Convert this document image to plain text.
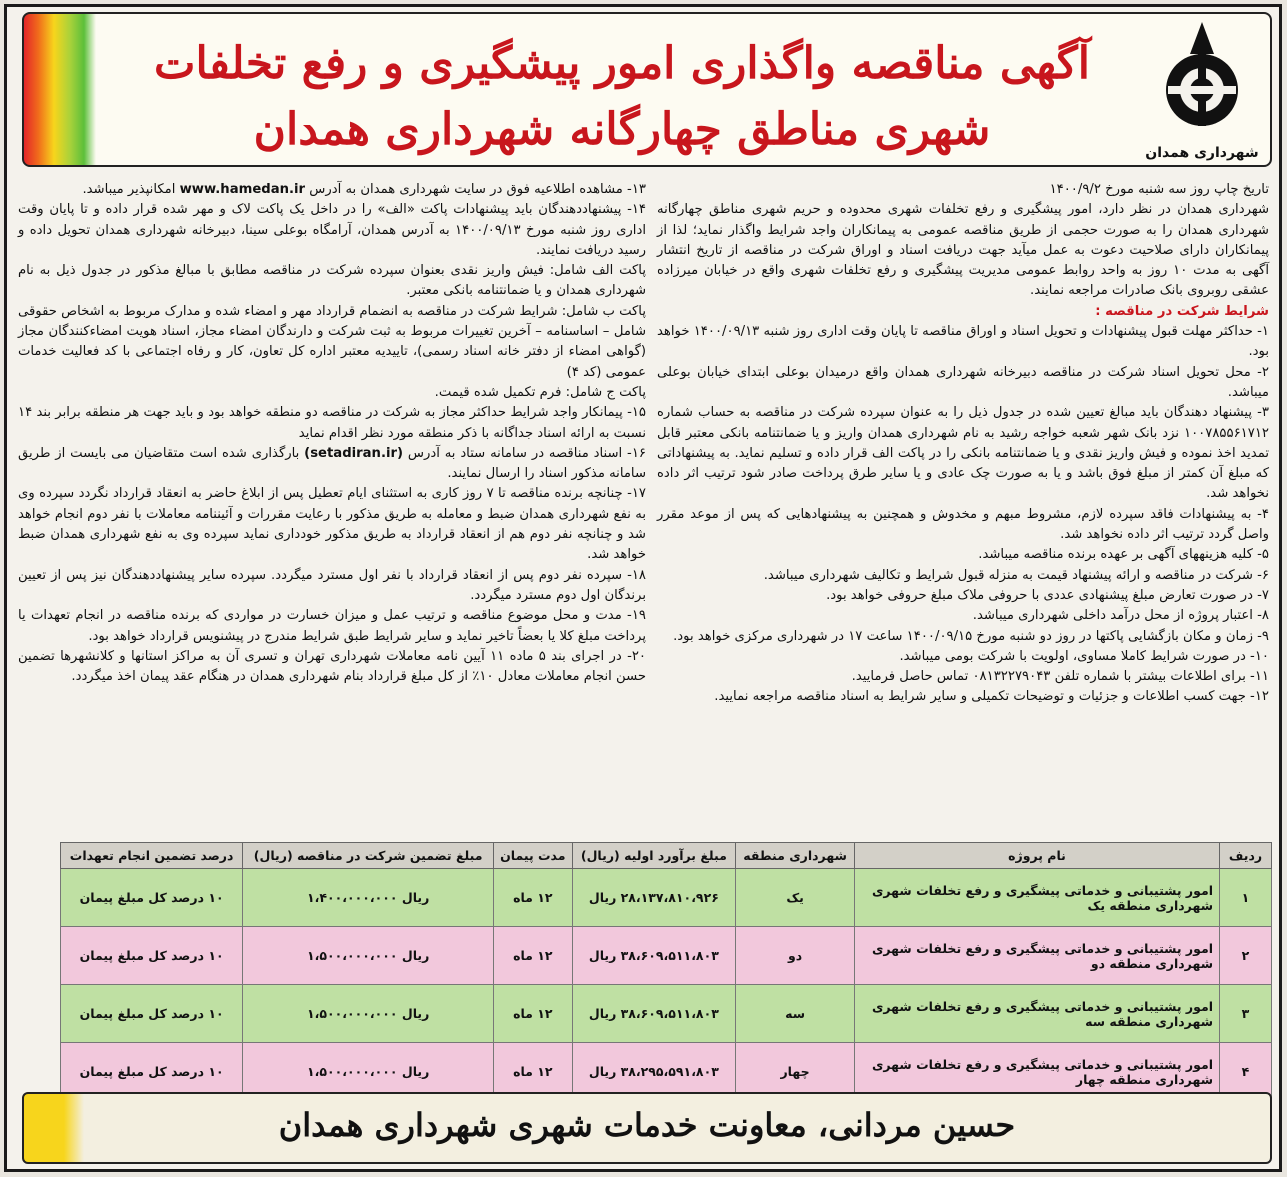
شهرداری همدان
آگهی مناقصه واگذاری امور پیشگیری و رفع تخلفات
شهری مناطق چهارگانه شهرداری همدان

تاریخ چاپ روز سه شنبه مورخ ۱۴۰۰/۹/۲

شهرداری همدان در نظر دارد، امور پیشگیری و رفع تخلفات شهری محدوده و حریم شهری مناطق چهارگانه شهرداری همدان را به صورت حجمی از طریق مناقصه عمومی به پیمانکاران واجد شرایط واگذار نماید؛ لذا از پیمانکاران دارای صلاحیت دعوت به عمل میآید جهت دریافت اسناد و اوراق شرکت در مناقصه از تاریخ انتشار آگهی به مدت ۱۰ روز به واحد روابط عمومی مدیریت پیشگیری و رفع تخلفات شهری واقع در خیابان میرزاده عشقی روبروی بانک صادرات مراجعه نمایند.

شرایط شرکت در مناقصه :

۱- حداکثر مهلت قبول پیشنهادات و تحویل اسناد و اوراق مناقصه تا پایان وقت اداری روز شنبه ۱۴۰۰/۰۹/۱۳ خواهد بود.

۲- محل تحویل اسناد شرکت در مناقصه دبیرخانه شهرداری همدان واقع درمیدان بوعلی ابتدای خیابان بوعلی میباشد.

۳- پیشنهاد دهندگان باید مبالغ تعیین شده در جدول ذیل را به عنوان سپرده شرکت در مناقصه به حساب شماره ۱۰۰۷۸۵۵۶۱۷۱۲ نزد بانک شهر شعبه خواجه رشید به نام شهرداری همدان واریز و یا ضمانتنامه بانکی معتبر قابل تمدید اخذ نموده و فیش واریز نقدی و یا ضمانتنامه بانکی را در پاکت الف قرار داده و تسلیم نماید. به پیشنهاداتی که مبلغ آن کمتر از مبلغ فوق باشد و یا به صورت چک عادی و یا سایر طرق پرداخت صادر شود ترتیب اثر داده نخواهد شد.

۴- به پیشنهادات فاقد سپرده لازم، مشروط مبهم و مخدوش و همچنین به پیشنهادهایی که پس از موعد مقرر واصل گردد ترتیب اثر داده نخواهد شد.

۵- کلیه هزینههای آگهی بر عهده برنده مناقصه میباشد.

۶- شرکت در مناقصه و ارائه پیشنهاد قیمت به منزله قبول شرایط و تکالیف شهرداری میباشد.

۷- در صورت تعارض مبلغ پیشنهادی عددی با حروفی ملاک مبلغ حروفی خواهد بود.

۸- اعتبار پروژه از محل درآمد داخلی شهرداری میباشد.

۹- زمان و مکان بازگشایی پاکتها در روز دو شنبه مورخ ۱۴۰۰/۰۹/۱۵ ساعت ۱۷ در شهرداری مرکزی خواهد بود.

۱۰- در صورت شرایط کاملا مساوی، اولویت با شرکت بومی میباشد.

۱۱- برای اطلاعات بیشتر با شماره تلفن ۰۸۱۳۲۲۷۹۰۴۳ تماس حاصل فرمایید.

۱۲- جهت کسب اطلاعات و جزئیات و توضیحات تکمیلی و سایر شرایط به اسناد مناقصه مراجعه نمایید.

۱۳- مشاهده اطلاعیه فوق در سایت شهرداری همدان به آدرس www.hamedan.ir امکانپذیر میباشد.

۱۴- پیشنهاددهندگان باید پیشنهادات پاکت «الف» را در داخل یک پاکت لاک و مهر شده قرار داده و تا پایان وقت اداری روز شنبه مورخ ۱۴۰۰/۰۹/۱۳ به آدرس همدان، آرامگاه بوعلی سینا، دبیرخانه شهرداری همدان تحویل داده و رسید دریافت نمایند.

پاکت الف شامل: فیش واریز نقدی بعنوان سپرده شرکت در مناقصه مطابق با مبالغ مذکور در جدول ذیل به نام شهرداری همدان و یا ضمانتنامه بانکی معتبر.

پاکت ب شامل: شرایط شرکت در مناقصه به انضمام قرارداد مهر و امضاء شده و مدارک مربوط به اشخاص حقوقی شامل – اساسنامه – آخرین تغییرات مربوط به ثبت شرکت و دارندگان امضاء مجاز، اسناد هویت امضاءکنندگان مجاز (گواهی امضاء از دفتر خانه اسناد رسمی)، تاییدیه معتبر اداره کل تعاون، کار و رفاه اجتماعی با کد فعالیت خدمات عمومی (کد ۴)

پاکت ج شامل: فرم تکمیل شده قیمت.

۱۵- پیمانکار واجد شرایط حداکثر مجاز به شرکت در مناقصه دو منطقه خواهد بود و باید جهت هر منطقه برابر بند ۱۴ نسبت به ارائه اسناد جداگانه با ذکر منطقه مورد نظر اقدام نماید

۱۶- اسناد مناقصه در سامانه ستاد به آدرس (setadiran.ir) بارگذاری شده است متقاضیان می بایست از طریق سامانه مذکور اسناد را ارسال نمایند.

۱۷- چنانچه برنده مناقصه تا ۷ روز کاری به استثنای ایام تعطیل پس از ابلاغ حاضر به انعقاد قرارداد نگردد سپرده وی به نفع شهرداری همدان ضبط و معامله به طریق مذکور با رعایت مقررات و آئیننامه معاملات با نفر دوم انجام خواهد شد و چنانچه نفر دوم هم از انعقاد قرارداد به طریق مذکور خودداری نماید سپرده وی به نفع شهرداری همدان ضبط خواهد شد.

۱۸- سپرده نفر دوم پس از انعقاد قرارداد با نفر اول مسترد میگردد. سپرده سایر پیشنهاددهندگان نیز پس از تعیین برندگان اول دوم مسترد میگردد.

۱۹- مدت و محل موضوع مناقصه و ترتیب عمل و میزان خسارت در مواردی که برنده مناقصه در انجام تعهدات یا پرداخت مبلغ کلا یا بعضاً تاخیر نماید و سایر شرایط طبق شرایط مندرج در پیشنویس قرارداد خواهد بود.

۲۰- در اجرای بند ۵ ماده ۱۱ آیین نامه معاملات شهرداری تهران و تسری آن به مراکز استانها و کلانشهرها تضمین حسن انجام معاملات معادل ۱۰٪ از کل مبلغ قرارداد بنام شهرداری همدان در هنگام عقد پیمان اخذ میگردد.

ردیف	نام پروژه	شهرداری منطقه	مبلغ برآورد اولیه (ریال)	مدت پیمان	مبلغ تضمین شرکت در مناقصه (ریال)	درصد تضمین انجام تعهدات
۱	امور پشتیبانی و خدماتی پیشگیری و رفع تخلفات شهری شهرداری منطقه یک	یک	۲۸،۱۳۷،۸۱۰،۹۲۶ ریال	۱۲ ماه	ریال ۱،۴۰۰،۰۰۰،۰۰۰	۱۰ درصد کل مبلغ پیمان
۲	امور پشتیبانی و خدماتی پیشگیری و رفع تخلفات شهری شهرداری منطقه دو	دو	۳۸،۶۰۹،۵۱۱،۸۰۳ ریال	۱۲ ماه	ریال ۱،۵۰۰،۰۰۰،۰۰۰	۱۰ درصد کل مبلغ پیمان
۳	امور پشتیبانی و خدماتی پیشگیری و رفع تخلفات شهری شهرداری منطقه سه	سه	۳۸،۶۰۹،۵۱۱،۸۰۳ ریال	۱۲ ماه	ریال ۱،۵۰۰،۰۰۰،۰۰۰	۱۰ درصد کل مبلغ پیمان
۴	امور پشتیبانی و خدماتی پیشگیری و رفع تخلفات شهری شهرداری منطقه چهار	چهار	۳۸،۲۹۵،۵۹۱،۸۰۳ ریال	۱۲ ماه	ریال ۱،۵۰۰،۰۰۰،۰۰۰	۱۰ درصد کل مبلغ پیمان
حسین مردانی، معاونت خدمات شهری شهرداری همدان
